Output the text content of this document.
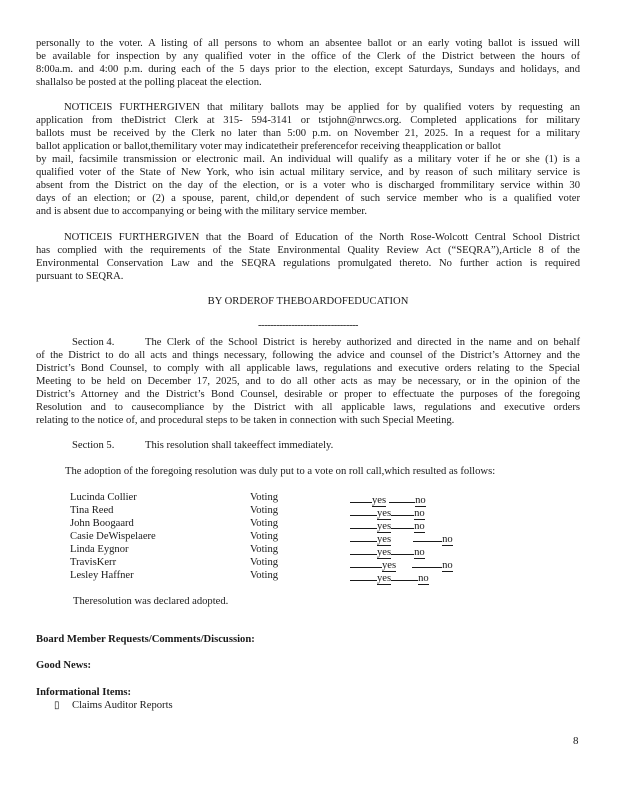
personally to the voter. A listing of all persons to whom an absentee ballot or an early voting ballot is issued will
be available for inspection by any qualified voter in the office of the Clerk of the District between the hours of
8:00a.m. and 4:00 p.m. during each of the 5 days prior to the election, except Saturdays, Sundays and holidays, and
shallalso be posted at the polling placeat the election.
NOTICEIS FURTHERGIVEN that military ballots may be applied for by qualified voters by requesting an
application from theDistrict Clerk at 315- 594-3141 or tstjohn@nrwcs.org. Completed applications for military
ballots must be received by the Clerk no later than 5:00 p.m. on November 21, 2025. In a request for a military
ballot application or ballot,themilitary voter may indicatetheir preferencefor receiving theapplication or ballot
by mail, facsimile transmission or electronic mail. An individual will qualify as a military voter if he or she (1) is a
qualified voter of the State of New York, who isin actual military service, and by reason of such military service is
absent from the District on the day of the election, or is a voter who is discharged frommilitary service within 30
days of an election; or (2) a spouse, parent, child,or dependent of such service member who is a qualified voter
and is absent due to accompanying or being with the military service member.
NOTICEIS FURTHERGIVEN that the Board of Education of the North Rose-Wolcott Central School District
has complied with the requirements of the State Environmental Quality Review Act (“SEQRA”),Article 8 of the
Environmental Conservation Law and the SEQRA regulations promulgated thereto. No further action is required
pursuant to SEQRA.
BY ORDEROF THEBOARDOFEDUCATION
---------------------------------
Section 4.	The Clerk of the School District is hereby authorized and directed in the name and on behalf
of the District to do all acts and things necessary, following the advice and counsel of the District’s Attorney and the
District’s Bond Counsel, to comply with all applicable laws, regulations and executive orders relating to the Special
Meeting to be held on December 17, 2025, and to do all other acts as may be necessary, or in the opinion of the
District’s Attorney and the District’s Bond Counsel, desirable or proper to effectuate the purposes of the foregoing
Resolution and to causecompliance by the District with all applicable laws, regulations and executive orders
relating to the notice of, and procedural steps to be taken in connection with such Special Meeting.
Section 5.	This resolution shall takeeffect immediately.
The adoption of the foregoing resolution was duly put to a vote on roll call,which resulted as follows:
Lucinda Collier	Voting	yes	no
Tina Reed	Voting	yes no
John Boogaard	Voting	yes no
Casie DeWispelaere	Voting	yes	no
Linda Eygnor	Voting	yes no
TravisKerr	Voting	yes	no
Lesley Haffner	Voting	yes	no
Theresolution was declared adopted.
Board Member Requests/Comments/Discussion:
Good News:
Informational Items:
▯ Claims Auditor Reports
8
